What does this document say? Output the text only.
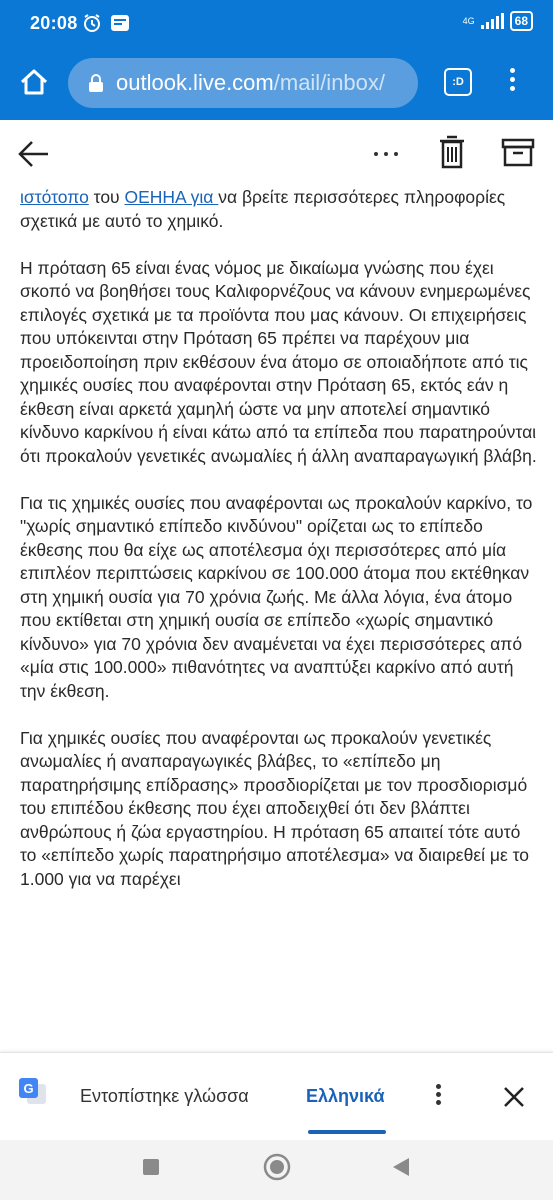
20:08	4G	68
outlook.live.com/mail/inbox/	:D

ιστότοπο του ΟΕΗΗΑ για να βρείτε περισσότερες πληροφορίες σχετικά με αυτό το χημικό.

Η πρόταση 65 είναι ένας νόμος με δικαίωμα γνώσης που έχει σκοπό να βοηθήσει τους Καλιφορνέζους να κάνουν ενημερωμένες επιλογές σχετικά με τα προϊόντα που μας κάνουν. Οι επιχειρήσεις που υπόκεινται στην Πρόταση 65 πρέπει να παρέχουν μια προειδοποίηση πριν εκθέσουν ένα άτομο σε οποιαδήποτε από τις χημικές ουσίες που αναφέρονται στην Πρόταση 65, εκτός εάν η έκθεση είναι αρκετά χαμηλή ώστε να μην αποτελεί σημαντικό κίνδυνο καρκίνου ή είναι κάτω από τα επίπεδα που παρατηρούνται ότι προκαλούν γενετικές ανωμαλίες ή άλλη αναπαραγωγική βλάβη.

Για τις χημικές ουσίες που αναφέρονται ως προκαλούν καρκίνο, το "χωρίς σημαντικό επίπεδο κινδύνου" ορίζεται ως το επίπεδο έκθεσης που θα είχε ως αποτέλεσμα όχι περισσότερες από μία επιπλέον περιπτώσεις καρκίνου σε 100.000 άτομα που εκτέθηκαν στη χημική ουσία για 70 χρόνια ζωής. Με άλλα λόγια, ένα άτομο που εκτίθεται στη χημική ουσία σε επίπεδο «χωρίς σημαντικό κίνδυνο» για 70 χρόνια δεν αναμένεται να έχει περισσότερες από «μία στις 100.000» πιθανότητες να αναπτύξει καρκίνο από αυτή την έκθεση.

Για χημικές ουσίες που αναφέρονται ως προκαλούν γενετικές ανωμαλίες ή αναπαραγωγικές βλάβες, το «επίπεδο μη παρατηρήσιμης επίδρασης» προσδιορίζεται με τον προσδιορισμό του επιπέδου έκθεσης που έχει αποδειχθεί ότι δεν βλάπτει ανθρώπους ή ζώα εργαστηρίου. Η πρόταση 65 απαιτεί τότε αυτό το «επίπεδο χωρίς παρατηρήσιμο αποτέλεσμα» να διαιρεθεί με το 1.000 για να παρέχει

G	Εντοπίστηκε γλώσσα	Ελληνικά
